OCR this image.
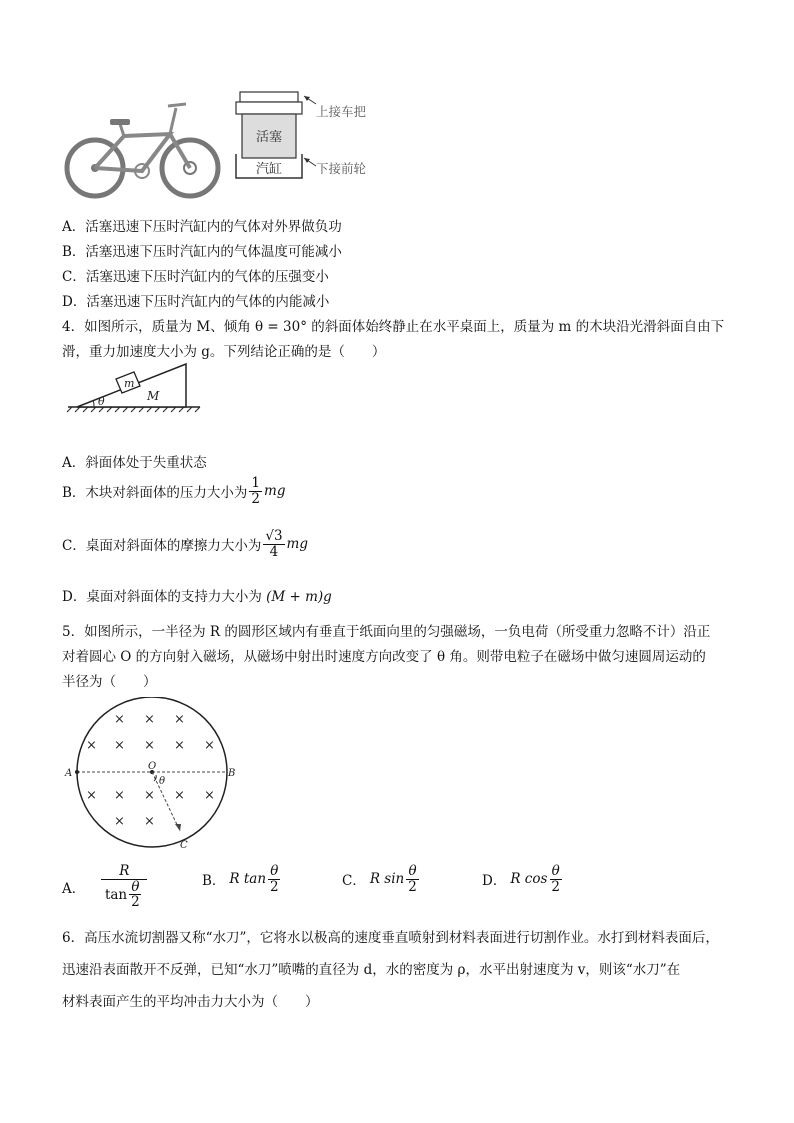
活塞
汽缸
上接车把
下接前轮
A．活塞迅速下压时汽缸内的气体对外界做负功
B．活塞迅速下压时汽缸内的气体温度可能减小
C．活塞迅速下压时汽缸内的气体的压强变小
D．活塞迅速下压时汽缸内的气体的内能减小
4．如图所示，质量为 M、倾角 θ = 30° 的斜面体始终静止在水平桌面上，质量为 m 的木块沿光滑斜面自由下
滑，重力加速度大小为 g。下列结论正确的是（　　）
m
M
θ
A．斜面体处于失重状态
B．木块对斜面体的压力大小为 $\frac{1}{2}$ mg
C．桌面对斜面体的摩擦力大小为 $\frac{√3}{4}$ mg
D．桌面对斜面体的支持力大小为 (M + m)g
5．如图所示，一半径为 R 的圆形区域内有垂直于纸面向里的匀强磁场，一负电荷（所受重力忽略不计）沿正
对着圆心 O 的方向射入磁场，从磁场中射出时速度方向改变了 θ 角。则带电粒子在磁场中做匀速圆周运动的
半径为（　　）
× × ×
× × × × ×
× × × × ×
× ×
A	B
O
C
θ
A． $\frac{R}{\tan \frac{\theta}{2}}$	B． R $\tan \frac{\theta}{2}$	C． R $\sin \frac{\theta}{2}$	D． R $\cos \frac{\theta}{2}$
6．高压水流切割器又称“水刀”，它将水以极高的速度垂直喷射到材料表面进行切割作业。水打到材料表面后，
迅速沿表面散开不反弹，已知“水刀”喷嘴的直径为 d，水的密度为 ρ，水平出射速度为 v，则该“水刀”在
材料表面产生的平均冲击力大小为（　　）
